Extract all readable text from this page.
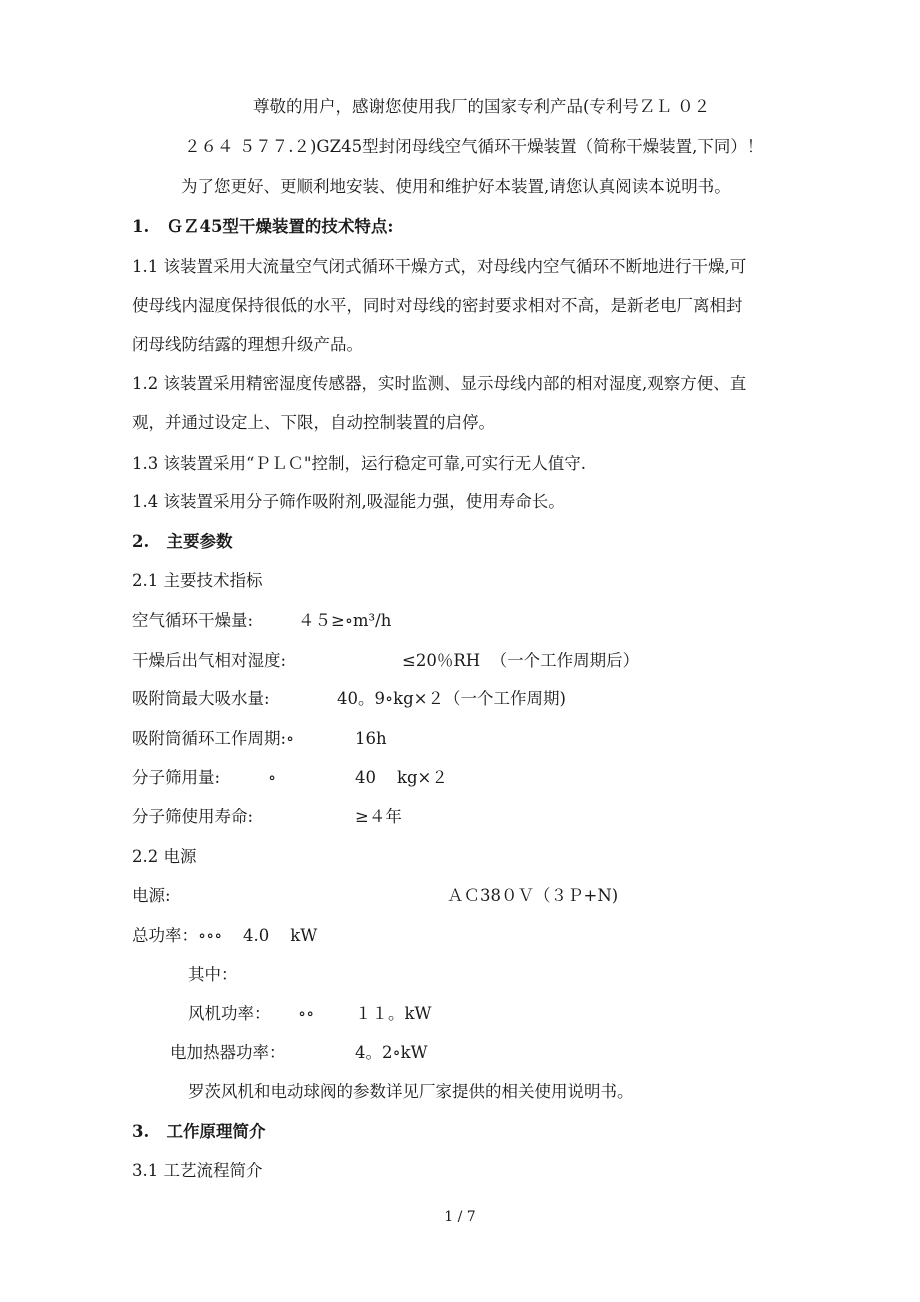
尊敬的用户，感谢您使用我厂的国家专利产品(专利号ＺＬ ０２
２６４ ５７７.２)GZ45型封闭母线空气循环干燥装置（简称干燥装置,下同）！
为了您更好、更顺利地安装、使用和维护好本装置,请您认真阅读本说明书。
1.   ＧＺ45型干燥装置的技术特点:
1.1 该装置采用大流量空气闭式循环干燥方式，对母线内空气循环不断地进行干燥,可
使母线内湿度保持很低的水平，同时对母线的密封要求相对不高，是新老电厂离相封
闭母线防结露的理想升级产品。
1.2 该装置采用精密湿度传感器，实时监测、显示母线内部的相对湿度,观察方便、直
观，并通过设定上、下限，自动控制装置的启停。
1.3 该装置采用“ＰＬＣ"控制，运行稳定可靠,可实行无人值守.
1.4 该装置采用分子筛作吸附剂,吸湿能力强，使用寿命长。
2.   主要参数
2.1 主要技术指标
空气循环干燥量:	４５≥∘m³/h
干燥后出气相对湿度:	≤20％RH  （一个工作周期后）
吸附筒最大吸水量:	40。9∘kg×２（一个工作周期)
吸附筒循环工作周期:∘	16h
分子筛用量:	∘	40    kg×２
分子筛使用寿命:	≥４年
2.2 电源
电源:	ＡＣ38０Ｖ（３Ｐ+N)
总功率：∘∘∘ 4.0    kW
其中：
风机功率： ∘∘ １１。kW
电加热器功率：	4。2∘kW
罗茨风机和电动球阀的参数详见厂家提供的相关使用说明书。
3.   工作原理简介
3.1 工艺流程简介
1 / 7
